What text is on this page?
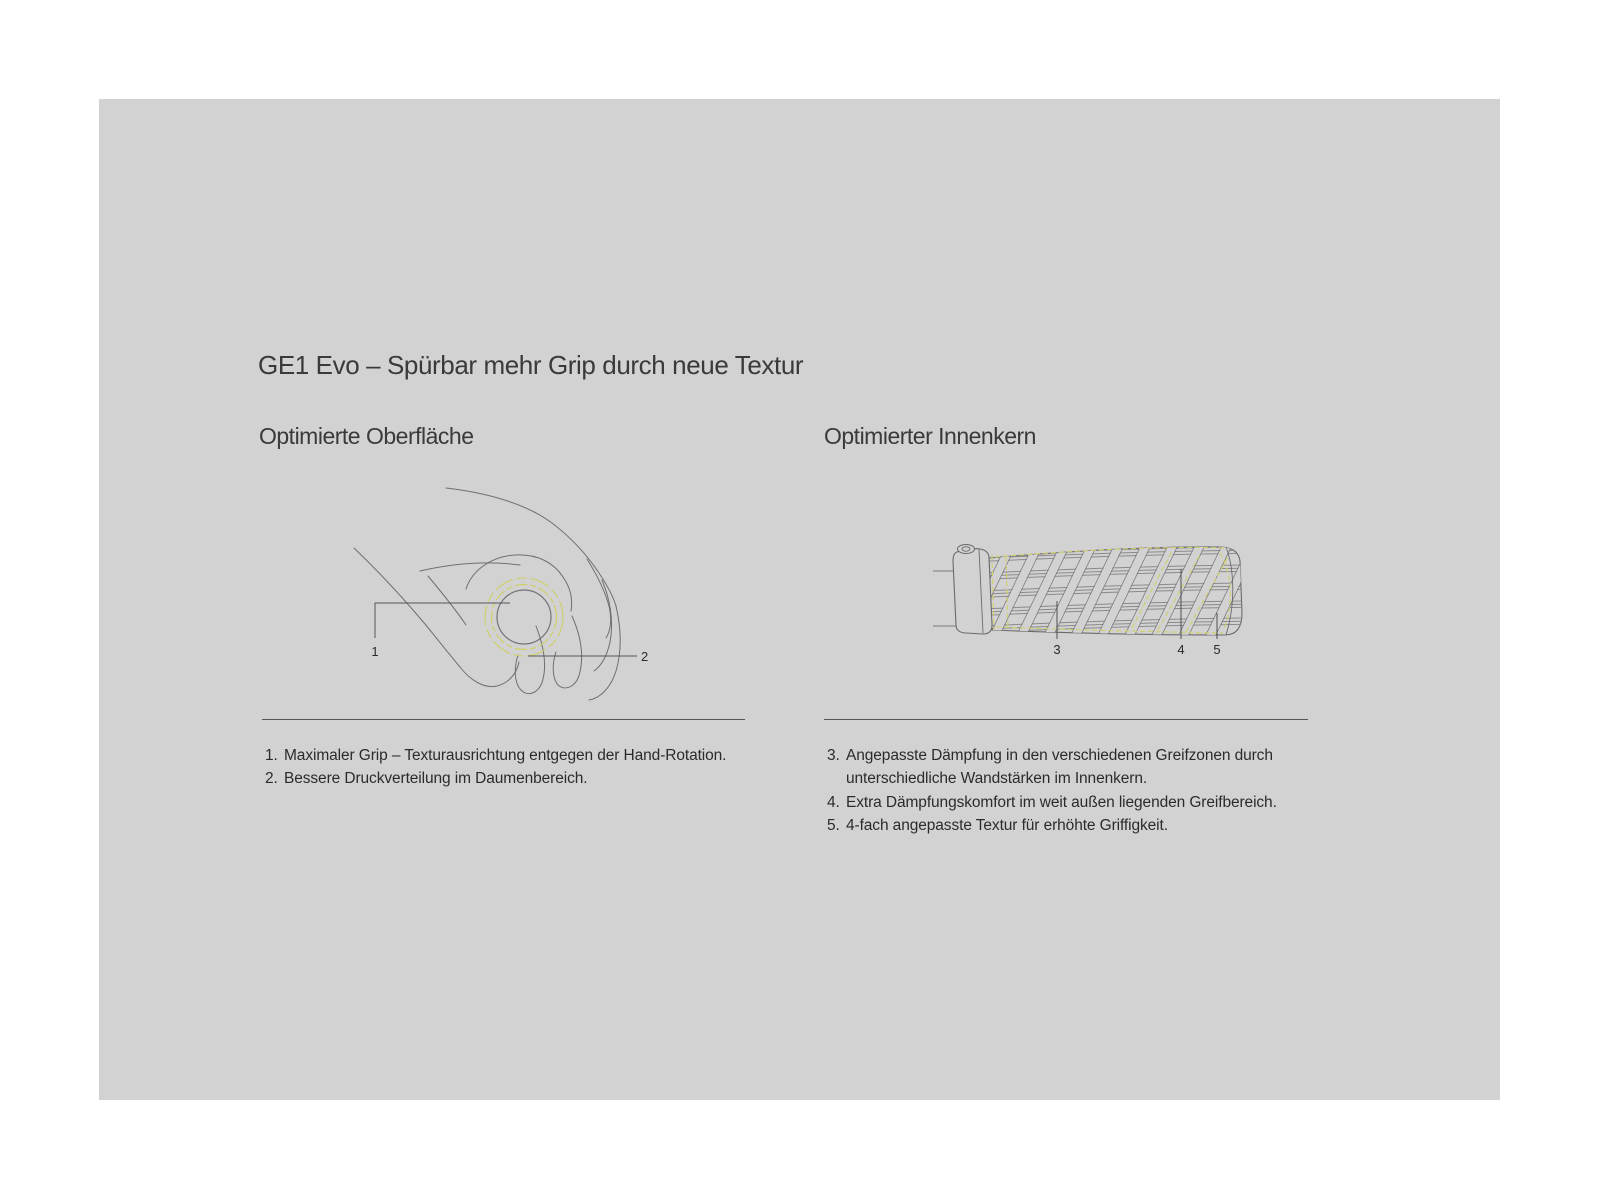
GE1 Evo – Spürbar mehr Grip durch neue Textur
Optimierte Oberfläche	Optimierter Innenkern
1	2	3	4 5
1. Maximaler Grip – Texturausrichtung entgegen der Hand-Rotation.
2. Bessere Druckverteilung im Daumenbereich.
3. Angepasste Dämpfung in den verschiedenen Greifzonen durch
unterschiedliche Wandstärken im Innenkern.
4. Extra Dämpfungskomfort im weit außen liegenden Greifbereich.
5. 4-fach angepasste Textur für erhöhte Griffigkeit.
